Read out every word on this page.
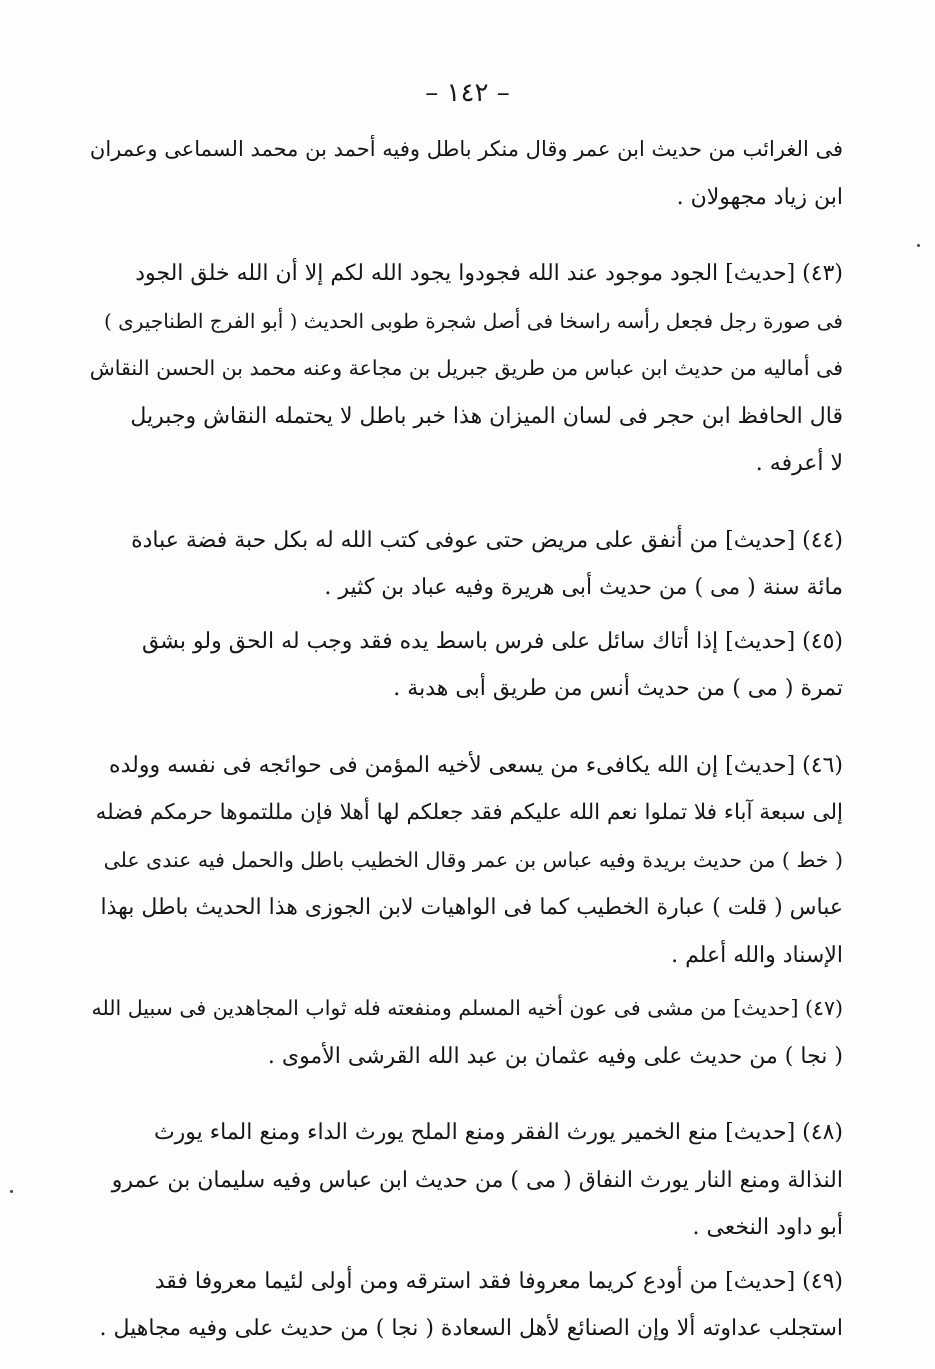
– ١٤٢ –
فى الغرائب من حديث ابن عمر وقال منكر باطل وفيه أحمد بن محمد السماعى وعمران
ابن زياد مجهولان .
(٤٣) [حديث] الجود موجود عند الله فجودوا يجود الله لكم إلا أن الله خلق الجود
فى صورة رجل فجعل رأسه راسخا فى أصل شجرة طوبى الحديث ( أبو الفرج الطناجيرى )
فى أماليه من حديث ابن عباس من طريق جبريل بن مجاعة وعنه محمد بن الحسن النقاش
قال الحافظ ابن حجر فى لسان الميزان هذا خبر باطل لا يحتمله النقاش وجبريل
لا أعرفه .
(٤٤) [حديث] من أنفق على مريض حتى عوفى كتب الله له بكل حبة فضة عبادة
مائة سنة ( مى ) من حديث أبى هريرة وفيه عباد بن كثير .
(٤٥) [حديث] إذا أتاك سائل على فرس باسط يده فقد وجب له الحق ولو بشق
تمرة ( مى ) من حديث أنس من طريق أبى هدبة .
(٤٦) [حديث] إن الله يكافىء من يسعى لأخيه المؤمن فى حوائجه فى نفسه وولده
إلى سبعة آباء فلا تملوا نعم الله عليكم فقد جعلكم لها أهلا فإن مللتموها حرمكم فضله
( خط ) من حديث بريدة وفيه عباس بن عمر وقال الخطيب باطل والحمل فيه عندى على
عباس ( قلت ) عبارة الخطيب كما فى الواهيات لابن الجوزى هذا الحديث باطل بهذا
الإسناد والله أعلم .
(٤٧) [حديث] من مشى فى عون أخيه المسلم ومنفعته فله ثواب المجاهدين فى سبيل الله
( نجا ) من حديث على وفيه عثمان بن عبد الله القرشى الأموى .
(٤٨) [حديث] منع الخمير يورث الفقر ومنع الملح يورث الداء ومنع الماء يورث
النذالة ومنع النار يورث النفاق ( مى ) من حديث ابن عباس وفيه سليمان بن عمرو
أبو داود النخعى .
(٤٩) [حديث] من أودع كريما معروفا فقد استرقه ومن أولى لئيما معروفا فقد
استجلب عداوته ألا وإن الصنائع لأهل السعادة ( نجا ) من حديث على وفيه مجاهيل .
